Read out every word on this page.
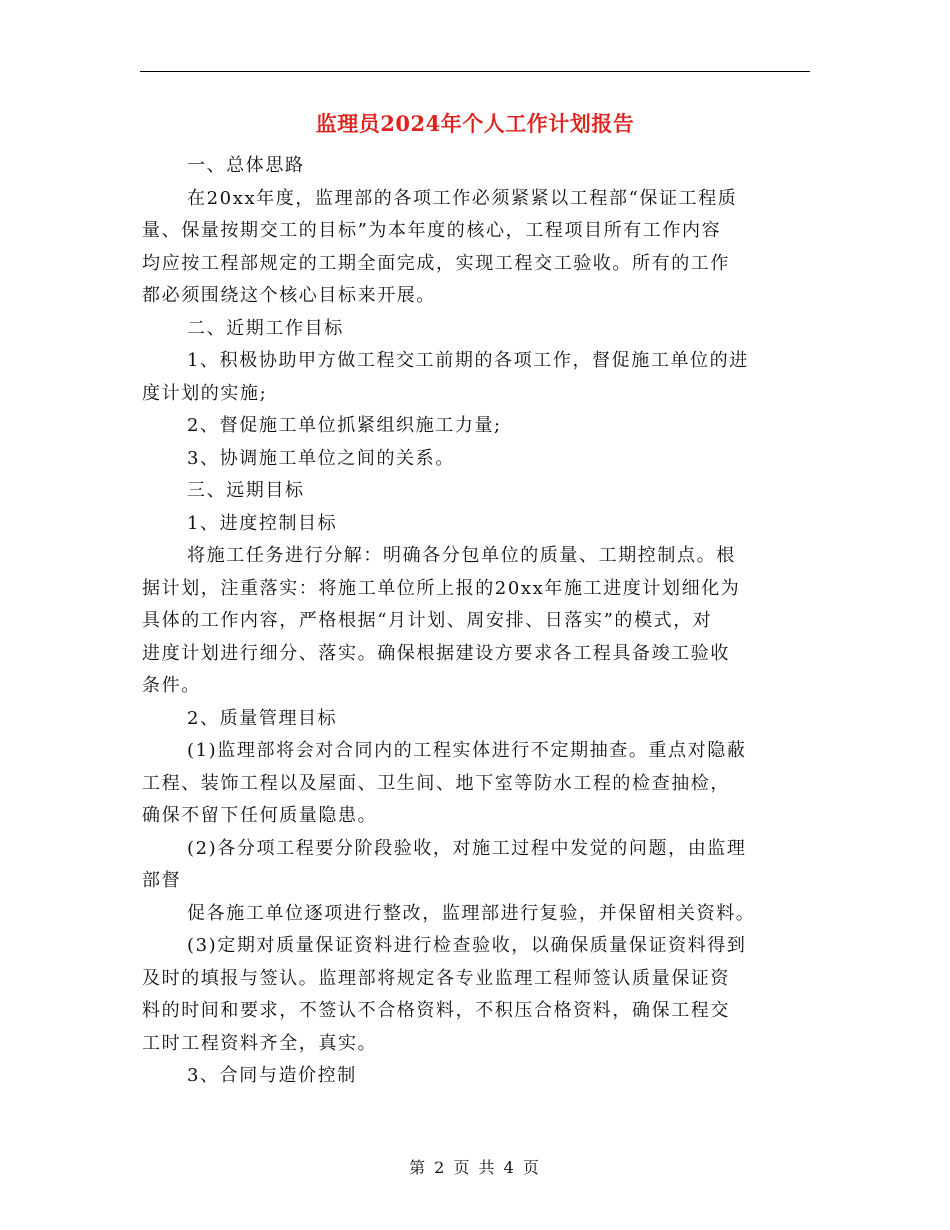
监理员2024年个人工作计划报告
一、总体思路
在20xx年度，监理部的各项工作必须紧紧以工程部“保证工程质
量、保量按期交工的目标”为本年度的核心，工程项目所有工作内容
均应按工程部规定的工期全面完成，实现工程交工验收。所有的工作
都必须围绕这个核心目标来开展。
二、近期工作目标
1、积极协助甲方做工程交工前期的各项工作，督促施工单位的进
度计划的实施;
2、督促施工单位抓紧组织施工力量;
3、协调施工单位之间的关系。
三、远期目标
1、进度控制目标
将施工任务进行分解：明确各分包单位的质量、工期控制点。根
据计划，注重落实：将施工单位所上报的20xx年施工进度计划细化为
具体的工作内容，严格根据“月计划、周安排、日落实”的模式，对
进度计划进行细分、落实。确保根据建设方要求各工程具备竣工验收
条件。
2、质量管理目标
(1)监理部将会对合同内的工程实体进行不定期抽查。重点对隐蔽
工程、装饰工程以及屋面、卫生间、地下室等防水工程的检查抽检，
确保不留下任何质量隐患。
(2)各分项工程要分阶段验收，对施工过程中发觉的问题，由监理
部督
促各施工单位逐项进行整改，监理部进行复验，并保留相关资料。
(3)定期对质量保证资料进行检查验收，以确保质量保证资料得到
及时的填报与签认。监理部将规定各专业监理工程师签认质量保证资
料的时间和要求，不签认不合格资料，不积压合格资料，确保工程交
工时工程资料齐全，真实。
3、合同与造价控制
第 2 页 共 4 页
